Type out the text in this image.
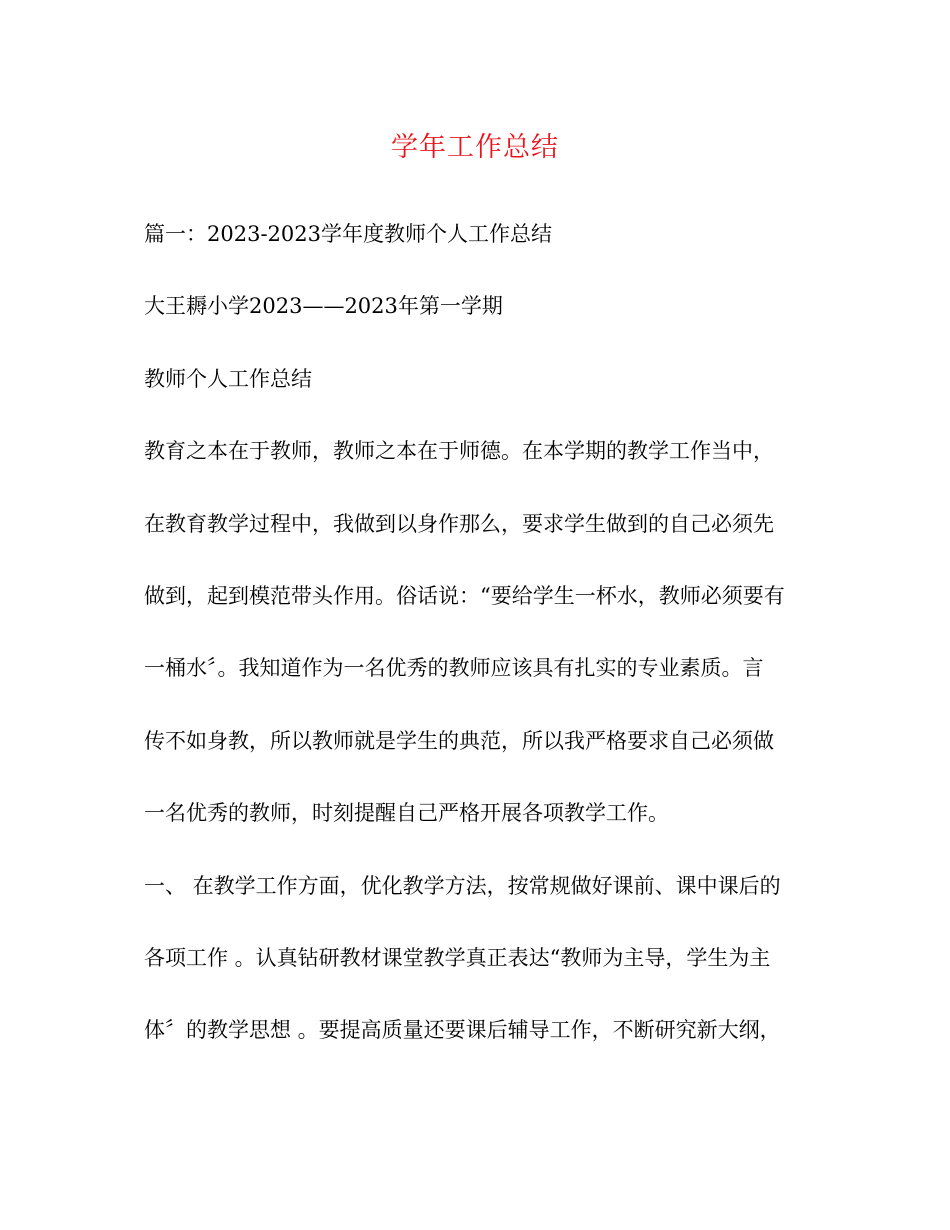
学年工作总结
篇一：2023-2023学年度教师个人工作总结
大王耨小学2023——2023年第一学期
教师个人工作总结
教育之本在于教师，教师之本在于师德。在本学期的教学工作当中，
在教育教学过程中，我做到以身作那么，要求学生做到的自己必须先
做到，起到模范带头作用。俗话说：“要给学生一杯水，教师必须要有
一桶水〞。我知道作为一名优秀的教师应该具有扎实的专业素质。言
传不如身教，所以教师就是学生的典范，所以我严格要求自己必须做
一名优秀的教师，时刻提醒自己严格开展各项教学工作。
一、 在教学工作方面，优化教学方法，按常规做好课前、课中课后的
各项工作 。认真钻研教材课堂教学真正表达“教师为主导，学生为主
体〞的教学思想 。要提高质量还要课后辅导工作，不断研究新大纲，
